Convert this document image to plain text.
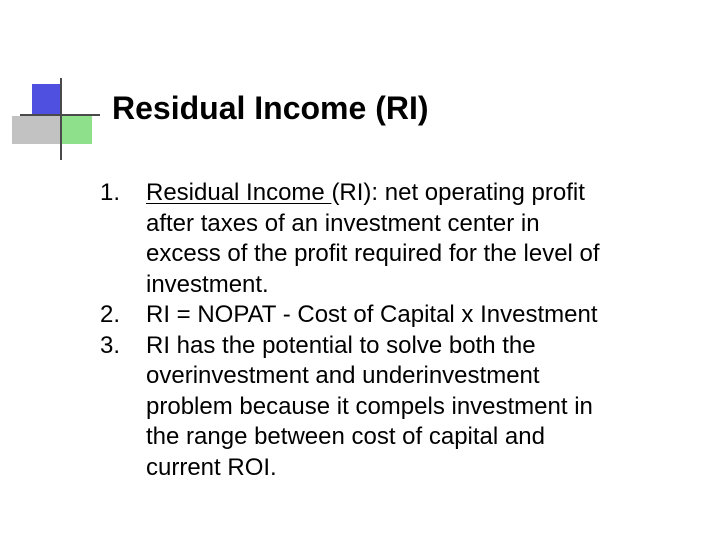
Residual Income (RI)
1.	Residual Income (RI): net operating profit
after taxes of an investment center in
excess of the profit required for the level of
investment.
2.	RI = NOPAT - Cost of Capital x Investment
3.	RI has the potential to solve both the
overinvestment and underinvestment
problem because it compels investment in
the range between cost of capital and
current ROI.
